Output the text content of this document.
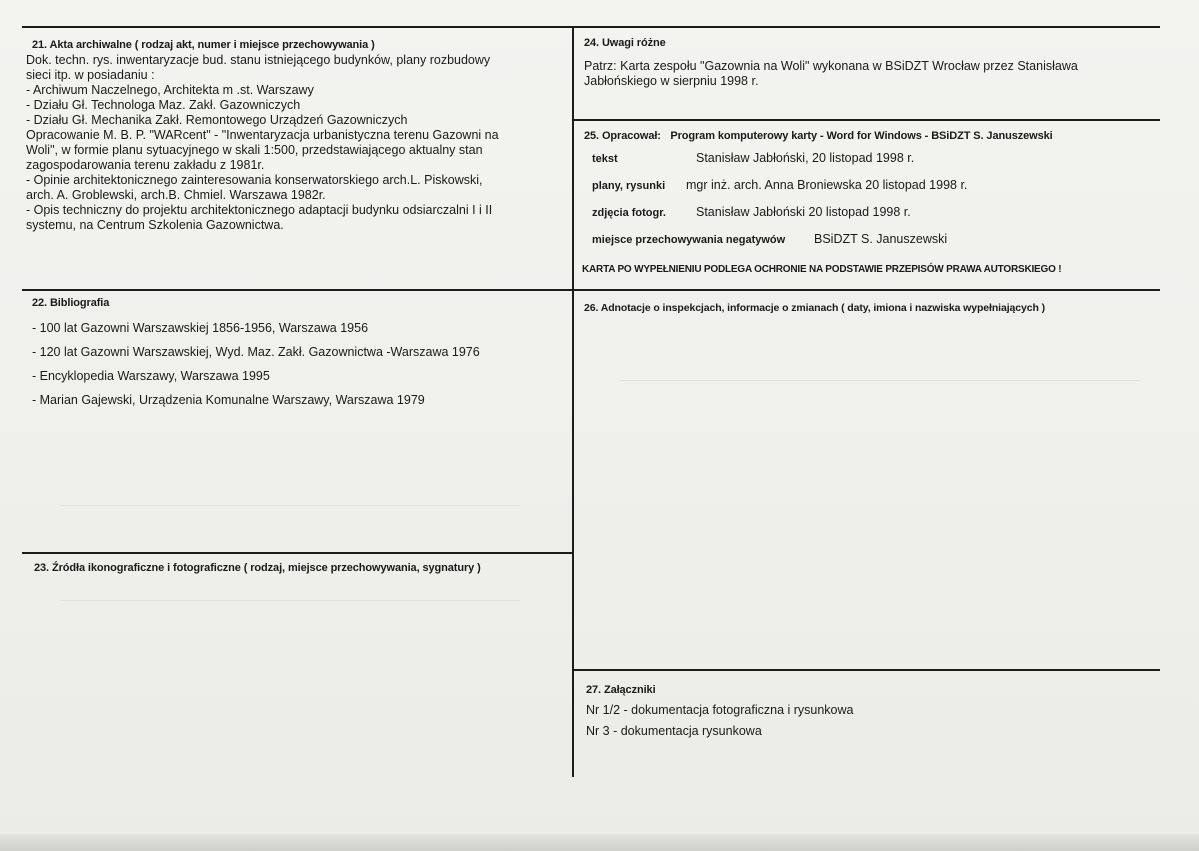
21. Akta archiwalne ( rodzaj akt, numer i miejsce przechowywania )
Dok. techn. rys. inwentaryzacje bud. stanu istniejącego budynków, plany rozbudowy
sieci itp. w posiadaniu :
- Archiwum Naczelnego, Architekta m .st. Warszawy
- Działu Gł. Technologa Maz. Zakł. Gazowniczych
- Działu Gł. Mechanika Zakł. Remontowego Urządzeń Gazowniczych
Opracowanie M. B. P. "WARcent" - "Inwentaryzacja urbanistyczna terenu Gazowni na
Woli", w formie planu sytuacyjnego w skali 1:500, przedstawiającego aktualny stan
zagospodarowania terenu zakładu z 1981r.
- Opinie architektonicznego zainteresowania konserwatorskiego arch.L. Piskowski,
arch. A. Groblewski, arch.B. Chmiel. Warszawa 1982r.
- Opis techniczny do projektu architektonicznego adaptacji budynku odsiarczalni I i II
systemu, na Centrum Szkolenia Gazownictwa.
22. Bibliografia
- 100 lat Gazowni Warszawskiej 1856-1956, Warszawa 1956
- 120 lat Gazowni Warszawskiej, Wyd. Maz. Zakł. Gazownictwa -Warszawa 1976
- Encyklopedia Warszawy, Warszawa 1995
- Marian Gajewski, Urządzenia Komunalne Warszawy, Warszawa 1979
23. Źródła ikonograficzne i fotograficzne ( rodzaj, miejsce przechowywania, sygnatury )
24. Uwagi różne
Patrz: Karta zespołu "Gazownia na Woli" wykonana w BSiDZT Wrocław przez Stanisława
Jabłońskiego w sierpniu 1998 r.
25. Opracował: Program komputerowy karty - Word for Windows - BSiDZT S. Januszewski
tekst	Stanisław Jabłoński, 20 listopad 1998 r.
plany, rysunki	mgr inż. arch. Anna Broniewska 20 listopad 1998 r.
zdjęcia fotogr.	Stanisław Jabłoński 20 listopad 1998 r.
miejsce przechowywania negatywów	BSiDZT S. Januszewski
KARTA PO WYPEŁNIENIU PODLEGA OCHRONIE NA PODSTAWIE PRZEPISÓW PRAWA AUTORSKIEGO !
26. Adnotacje o inspekcjach, informacje o zmianach ( daty, imiona i nazwiska wypełniających )
27. Załączniki
Nr 1/2 - dokumentacja fotograficzna i rysunkowa
Nr 3 - dokumentacja rysunkowa
